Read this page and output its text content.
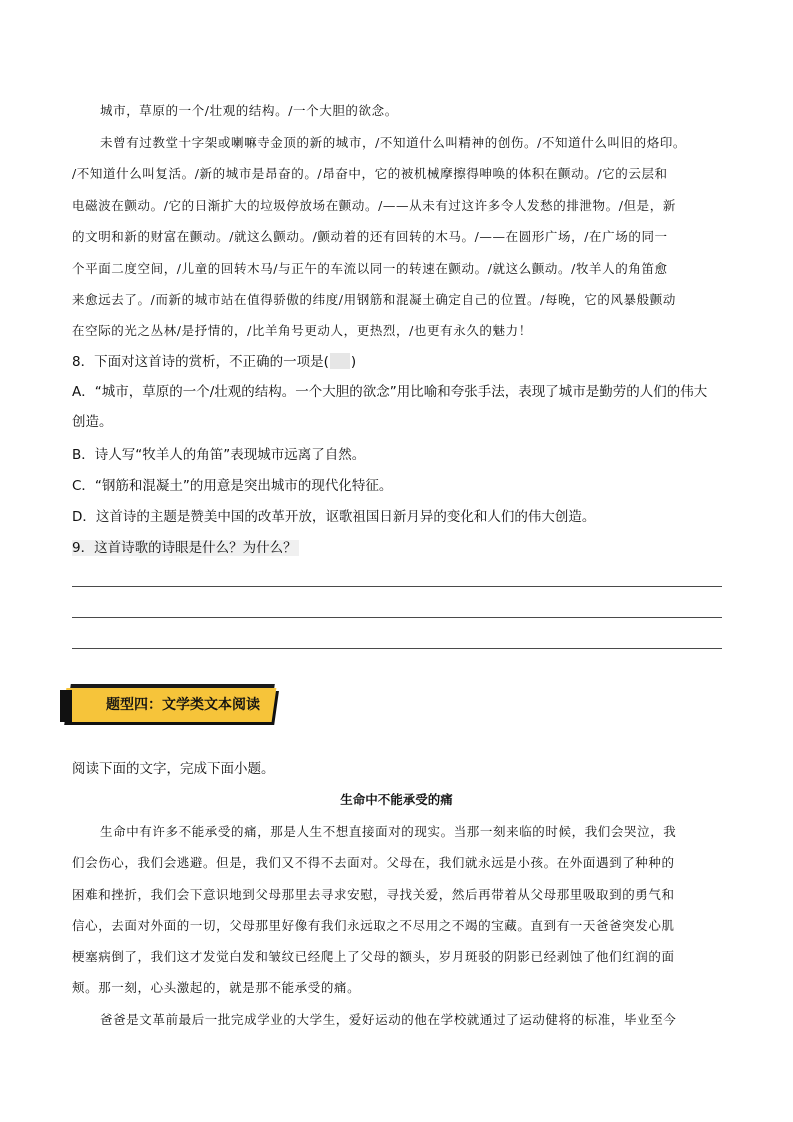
城市，草原的一个/壮观的结构。/一个大胆的欲念。
未曾有过教堂十字架或喇嘛寺金顶的新的城市，/不知道什么叫精神的创伤。/不知道什么叫旧的烙印。
/不知道什么叫复活。/新的城市是昂奋的。/昂奋中，它的被机械摩擦得呻唤的体积在颤动。/它的云层和
电磁波在颤动。/它的日渐扩大的垃圾停放场在颤动。/——从未有过这许多令人发愁的排泄物。/但是，新
的文明和新的财富在颤动。/就这么颤动。/颤动着的还有回转的木马。/——在圆形广场，/在广场的同一
个平面二度空间，/儿童的回转木马/与正午的车流以同一的转速在颤动。/就这么颤动。/牧羊人的角笛愈
来愈远去了。/而新的城市站在值得骄傲的纬度/用钢筋和混凝土确定自己的位置。/每晚，它的风暴般颤动
在空际的光之丛林/是抒情的，/比羊角号更动人，更热烈，/也更有永久的魅力！
8．下面对这首诗的赏析，不正确的一项是( )
A．“城市，草原的一个/壮观的结构。一个大胆的欲念”用比喻和夸张手法，表现了城市是勤劳的人们的伟大
创造。
B．诗人写“牧羊人的角笛”表现城市远离了自然。
C．“钢筋和混凝土”的用意是突出城市的现代化特征。
D．这首诗的主题是赞美中国的改革开放，讴歌祖国日新月异的变化和人们的伟大创造。
9．这首诗歌的诗眼是什么？为什么？
题型四：文学类文本阅读
阅读下面的文字，完成下面小题。
生命中不能承受的痛
生命中有许多不能承受的痛，那是人生不想直接面对的现实。当那一刻来临的时候，我们会哭泣，我
们会伤心，我们会逃避。但是，我们又不得不去面对。父母在，我们就永远是小孩。在外面遇到了种种的
困难和挫折，我们会下意识地到父母那里去寻求安慰，寻找关爱，然后再带着从父母那里吸取到的勇气和
信心，去面对外面的一切，父母那里好像有我们永远取之不尽用之不竭的宝藏。直到有一天爸爸突发心肌
梗塞病倒了，我们这才发觉白发和皱纹已经爬上了父母的额头，岁月斑驳的阴影已经剥蚀了他们红润的面
颊。那一刻，心头激起的，就是那不能承受的痛。
爸爸是文革前最后一批完成学业的大学生，爱好运动的他在学校就通过了运动健将的标准，毕业至今
